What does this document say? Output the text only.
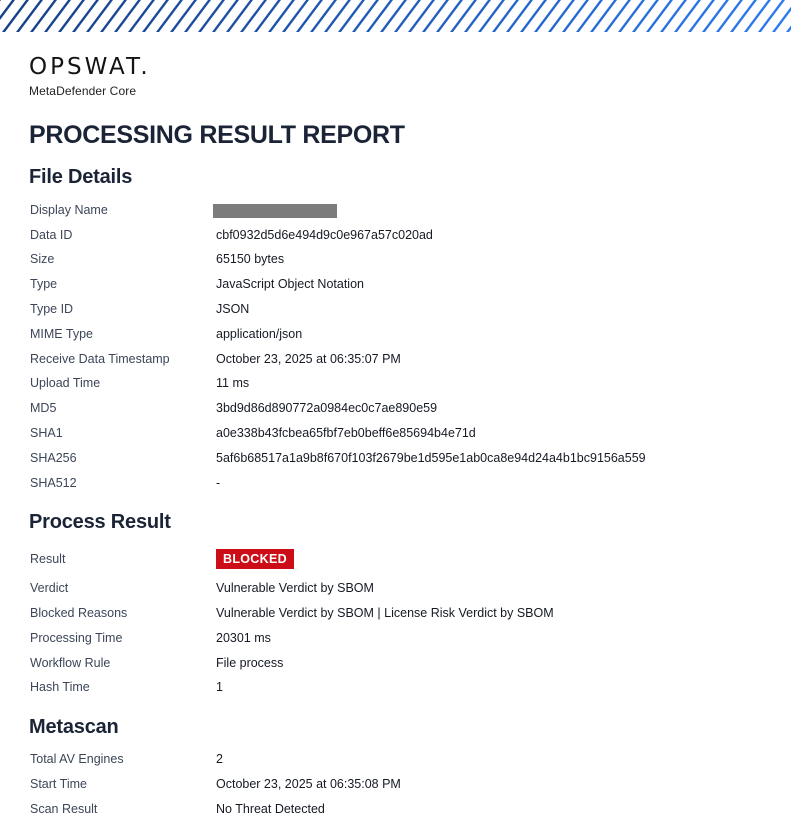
OPSWAT.
MetaDefender Core
PROCESSING RESULT REPORT
File Details
Display Name
Data ID	cbf0932d5d6e494d9c0e967a57c020ad
Size	65150 bytes
Type	JavaScript Object Notation
Type ID	JSON
MIME Type	application/json
Receive Data Timestamp	October 23, 2025 at 06:35:07 PM
Upload Time	11 ms
MD5	3bd9d86d890772a0984ec0c7ae890e59
SHA1	a0e338b43fcbea65fbf7eb0beff6e85694b4e71d
SHA256	5af6b68517a1a9b8f670f103f2679be1d595e1ab0ca8e94d24a4b1bc9156a559
SHA512	-
Process Result
Result	BLOCKED
Verdict	Vulnerable Verdict by SBOM
Blocked Reasons	Vulnerable Verdict by SBOM | License Risk Verdict by SBOM
Processing Time	20301 ms
Workflow Rule	File process
Hash Time	1
Metascan
Total AV Engines	2
Start Time	October 23, 2025 at 06:35:08 PM
Scan Result	No Threat Detected
